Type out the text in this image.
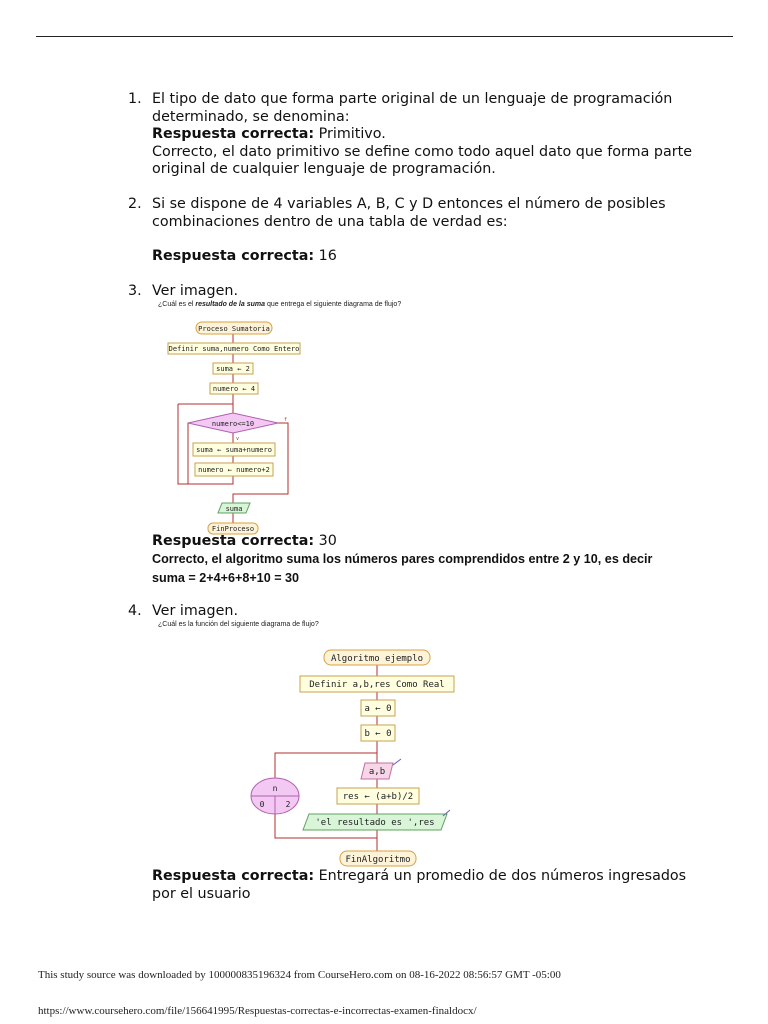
1. El tipo de dato que forma parte original de un lenguaje de programación determinado, se denomina:
Respuesta correcta: Primitivo.
Correcto, el dato primitivo se define como todo aquel dato que forma parte original de cualquier lenguaje de programación.
2. Si se dispone de 4 variables A, B, C y D entonces el número de posibles combinaciones dentro de una tabla de verdad es:
Respuesta correcta: 16
3. Ver imagen.
¿Cuál es el resultado de la suma que entrega el siguiente diagrama de flujo?
Proceso Sumatoria
Definir suma,numero Como Entero
suma ← 2
numero ← 4
numero<=10
v
f
suma ← suma+numero
numero ← numero+2
suma
FinProceso
Respuesta correcta: 30
Correcto, el algoritmo suma los números pares comprendidos entre 2 y 10, es decir suma = 2+4+6+8+10 = 30
4. Ver imagen.
¿Cuál es la función del siguiente diagrama de flujo?
Algoritmo ejemplo
Definir a,b,res Como Real
a ← 0
b ← 0
n
0	2
a,b
res ← (a+b)/2
'el resultado es ',res
FinAlgoritmo
Respuesta correcta: Entregará un promedio de dos números ingresados por el usuario
This study source was downloaded by 100000835196324 from CourseHero.com on 08-16-2022 08:56:57 GMT -05:00
https://www.coursehero.com/file/156641995/Respuestas-correctas-e-incorrectas-examen-finaldocx/
